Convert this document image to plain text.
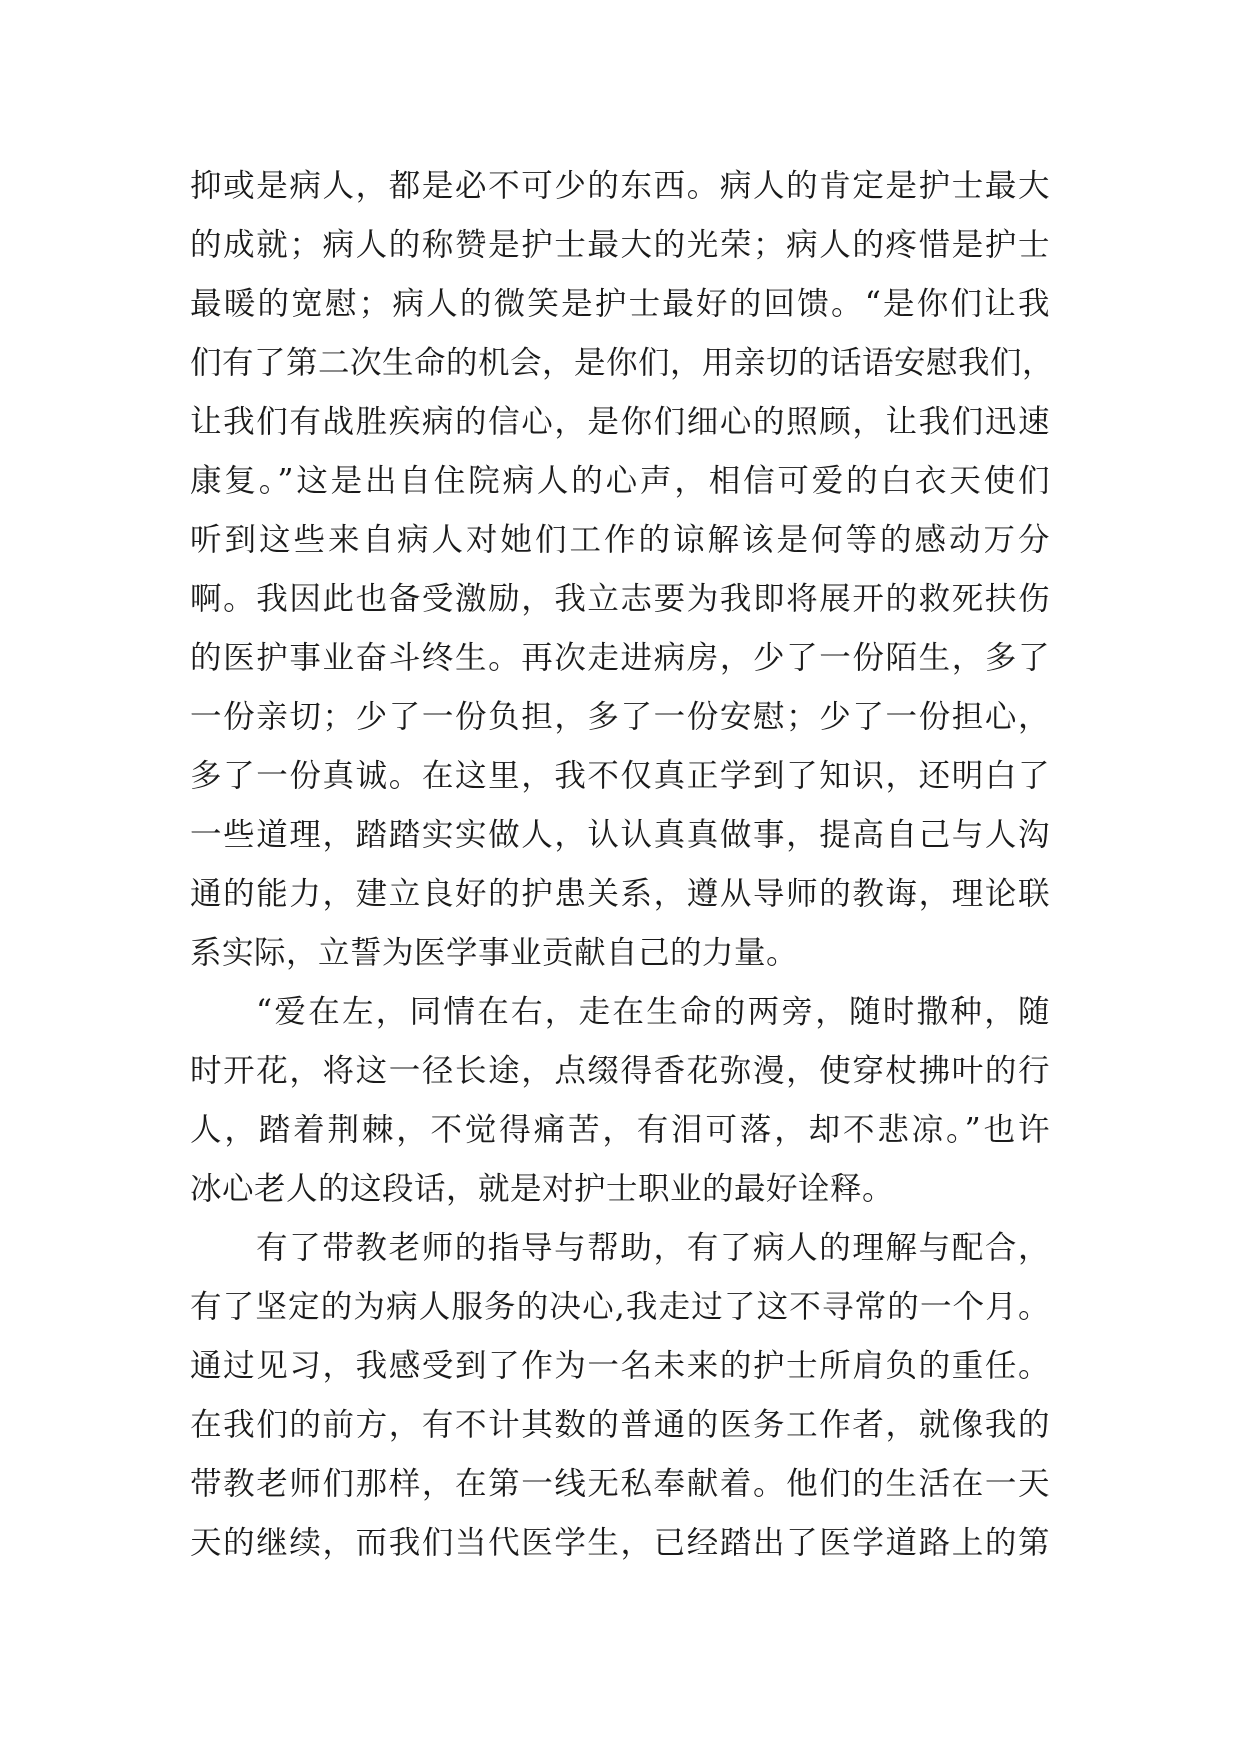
抑或是病人，都是必不可少的东西。病人的肯定是护士最大
的成就；病人的称赞是护士最大的光荣；病人的疼惜是护士
最暖的宽慰；病人的微笑是护士最好的回馈。“是你们让我
们有了第二次生命的机会，是你们，用亲切的话语安慰我们，
让我们有战胜疾病的信心，是你们细心的照顾，让我们迅速
康复。”这是出自住院病人的心声，相信可爱的白衣天使们
听到这些来自病人对她们工作的谅解该是何等的感动万分
啊。我因此也备受激励，我立志要为我即将展开的救死扶伤
的医护事业奋斗终生。再次走进病房，少了一份陌生，多了
一份亲切；少了一份负担，多了一份安慰；少了一份担心，
多了一份真诚。在这里，我不仅真正学到了知识，还明白了
一些道理，踏踏实实做人，认认真真做事，提高自己与人沟
通的能力，建立良好的护患关系，遵从导师的教诲，理论联
系实际，立誓为医学事业贡献自己的力量。
“爱在左，同情在右，走在生命的两旁，随时撒种，随
时开花，将这一径长途，点缀得香花弥漫，使穿杖拂叶的行
人，踏着荆棘，不觉得痛苦，有泪可落，却不悲凉。”也许
冰心老人的这段话，就是对护士职业的最好诠释。
有了带教老师的指导与帮助，有了病人的理解与配合，
有了坚定的为病人服务的决心,我走过了这不寻常的一个月。
通过见习，我感受到了作为一名未来的护士所肩负的重任。
在我们的前方，有不计其数的普通的医务工作者，就像我的
带教老师们那样，在第一线无私奉献着。他们的生活在一天
天的继续，而我们当代医学生，已经踏出了医学道路上的第
